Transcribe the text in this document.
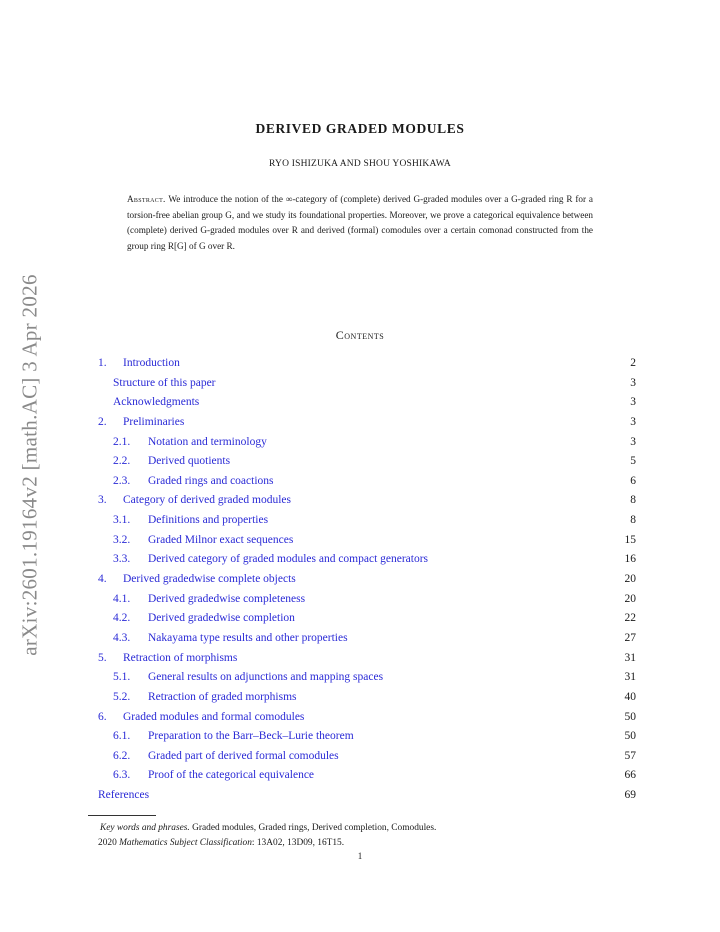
arXiv:2601.19164v2 [math.AC] 3 Apr 2026
DERIVED GRADED MODULES
RYO ISHIZUKA AND SHOU YOSHIKAWA
Abstract. We introduce the notion of the ∞-category of (complete) derived G-graded modules over a G-graded ring R for a torsion-free abelian group G, and we study its foundational properties. Moreover, we prove a categorical equivalence between (complete) derived G-graded modules over R and derived (formal) comodules over a certain comonad constructed from the group ring R[G] of G over R.
Contents
1. Introduction	2
Structure of this paper	3
Acknowledgments	3
2. Preliminaries	3
2.1. Notation and terminology	3
2.2. Derived quotients	5
2.3. Graded rings and coactions	6
3. Category of derived graded modules	8
3.1. Definitions and properties	8
3.2. Graded Milnor exact sequences	15
3.3. Derived category of graded modules and compact generators	16
4. Derived gradedwise complete objects	20
4.1. Derived gradedwise completeness	20
4.2. Derived gradedwise completion	22
4.3. Nakayama type results and other properties	27
5. Retraction of morphisms	31
5.1. General results on adjunctions and mapping spaces	31
5.2. Retraction of graded morphisms	40
6. Graded modules and formal comodules	50
6.1. Preparation to the Barr–Beck–Lurie theorem	50
6.2. Graded part of derived formal comodules	57
6.3. Proof of the categorical equivalence	66
References	69
Key words and phrases. Graded modules, Graded rings, Derived completion, Comodules.
2020 Mathematics Subject Classification: 13A02, 13D09, 16T15.
1
